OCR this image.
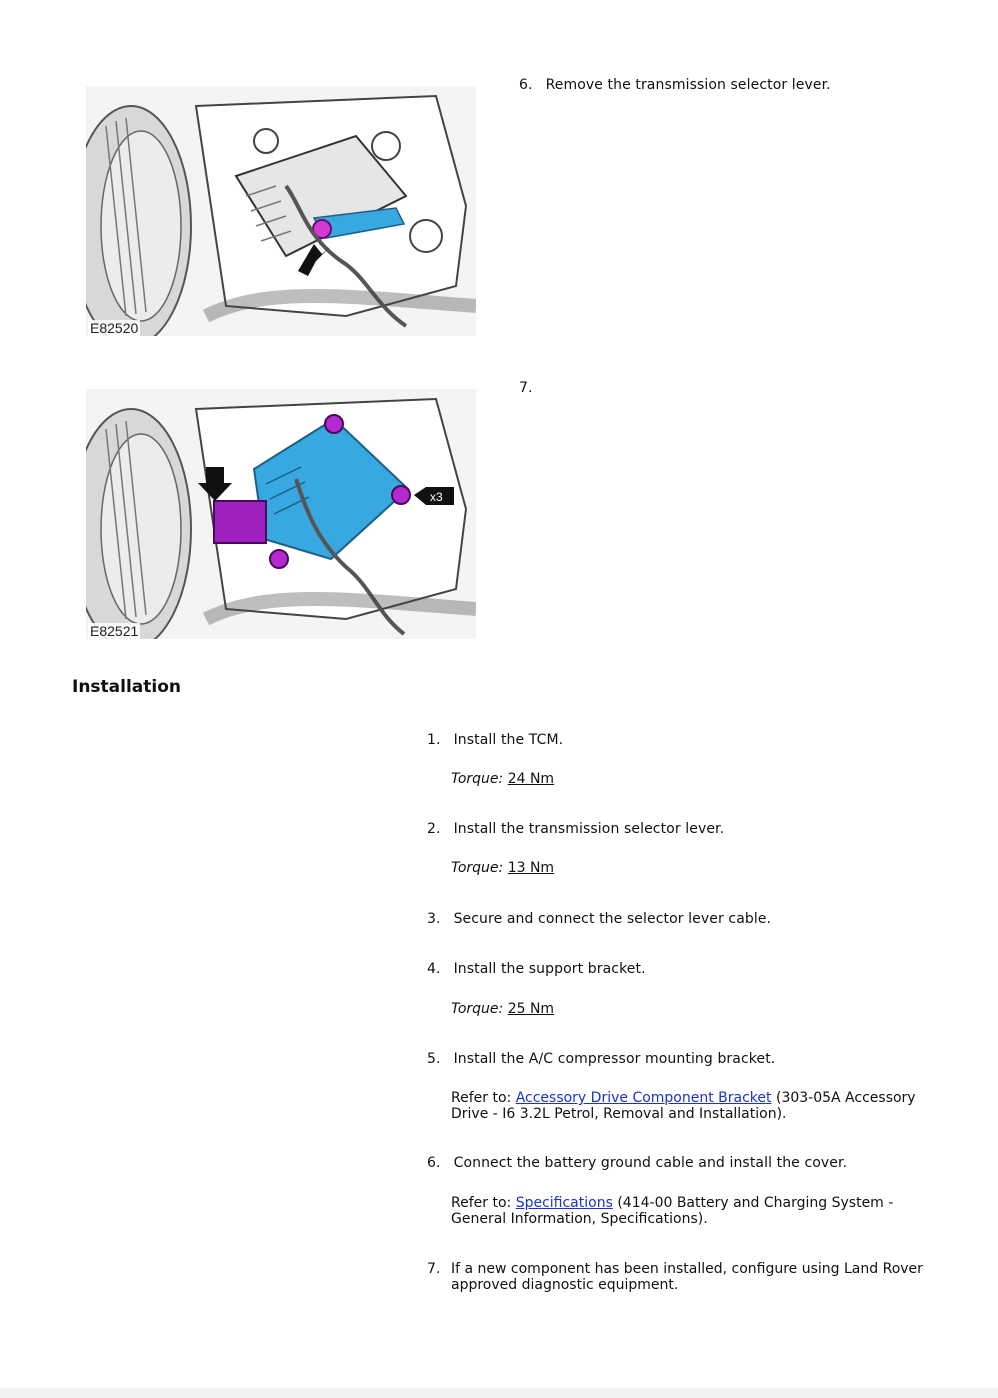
6. Remove the transmission selector lever.
E82520
7.
x3
E82521
Installation
1. Install the TCM.
Torque: 24 Nm
2. Install the transmission selector lever.
Torque: 13 Nm
3. Secure and connect the selector lever cable.
4. Install the support bracket.
Torque: 25 Nm
5. Install the A/C compressor mounting bracket.
Refer to: Accessory Drive Component Bracket (303-05A Accessory Drive - I6 3.2L Petrol, Removal and Installation).
6. Connect the battery ground cable and install the cover.
Refer to: Specifications (414-00 Battery and Charging System - General Information, Specifications).
7. If a new component has been installed, configure using Land Rover approved diagnostic equipment.
